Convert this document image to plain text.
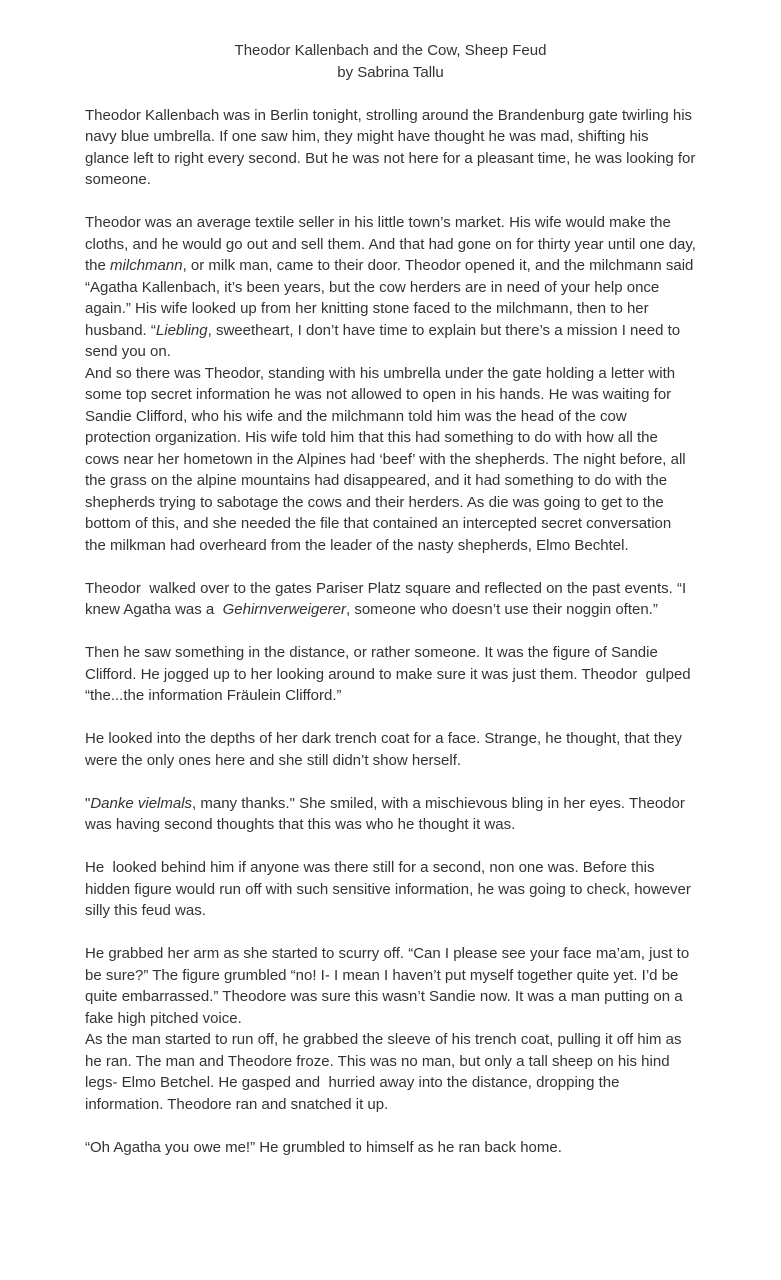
Theodor Kallenbach and the Cow, Sheep Feud

by Sabrina Tallu

Theodor Kallenbach was in Berlin tonight, strolling around the Brandenburg gate twirling his navy blue umbrella. If one saw him, they might have thought he was mad, shifting his glance left to right every second. But he was not here for a pleasant time, he was looking for someone.

Theodor was an average textile seller in his little town’s market. His wife would make the cloths, and he would go out and sell them. And that had gone on for thirty year until one day, the milchmann, or milk man, came to their door. Theodor opened it, and the milchmann said “Agatha Kallenbach, it’s been years, but the cow herders are in need of your help once again.” His wife looked up from her knitting stone faced to the milchmann, then to her husband. “Liebling, sweetheart, I don’t have time to explain but there’s a mission I need to send you on.

And so there was Theodor, standing with his umbrella under the gate holding a letter with some top secret information he was not allowed to open in his hands. He was waiting for Sandie Clifford, who his wife and the milchmann told him was the head of the cow protection organization. His wife told him that this had something to do with how all the cows near her hometown in the Alpines had ‘beef’ with the shepherds. The night before, all the grass on the alpine mountains had disappeared, and it had something to do with the shepherds trying to sabotage the cows and their herders. As die was going to get to the bottom of this, and she needed the file that contained an intercepted secret conversation the milkman had overheard from the leader of the nasty shepherds, Elmo Bechtel.

Theodor  walked over to the gates Pariser Platz square and reflected on the past events. “I knew Agatha was a  Gehirnverweigerer, someone who doesn’t use their noggin often.”

Then he saw something in the distance, or rather someone. It was the figure of Sandie Clifford. He jogged up to her looking around to make sure it was just them. Theodor  gulped “the...the information Fräulein Clifford.”

He looked into the depths of her dark trench coat for a face. Strange, he thought, that they were the only ones here and she still didn’t show herself.

"Danke vielmals, many thanks." She smiled, with a mischievous bling in her eyes. Theodor was having second thoughts that this was who he thought it was.

He  looked behind him if anyone was there still for a second, non one was. Before this hidden figure would run off with such sensitive information, he was going to check, however silly this feud was.

He grabbed her arm as she started to scurry off. “Can I please see your face ma’am, just to be sure?” The figure grumbled “no! I- I mean I haven’t put myself together quite yet. I’d be quite embarrassed.” Theodore was sure this wasn’t Sandie now. It was a man putting on a fake high pitched voice.

As the man started to run off, he grabbed the sleeve of his trench coat, pulling it off him as he ran. The man and Theodore froze. This was no man, but only a tall sheep on his hind legs- Elmo Betchel. He gasped and  hurried away into the distance, dropping the information. Theodore ran and snatched it up.

“Oh Agatha you owe me!” He grumbled to himself as he ran back home.
